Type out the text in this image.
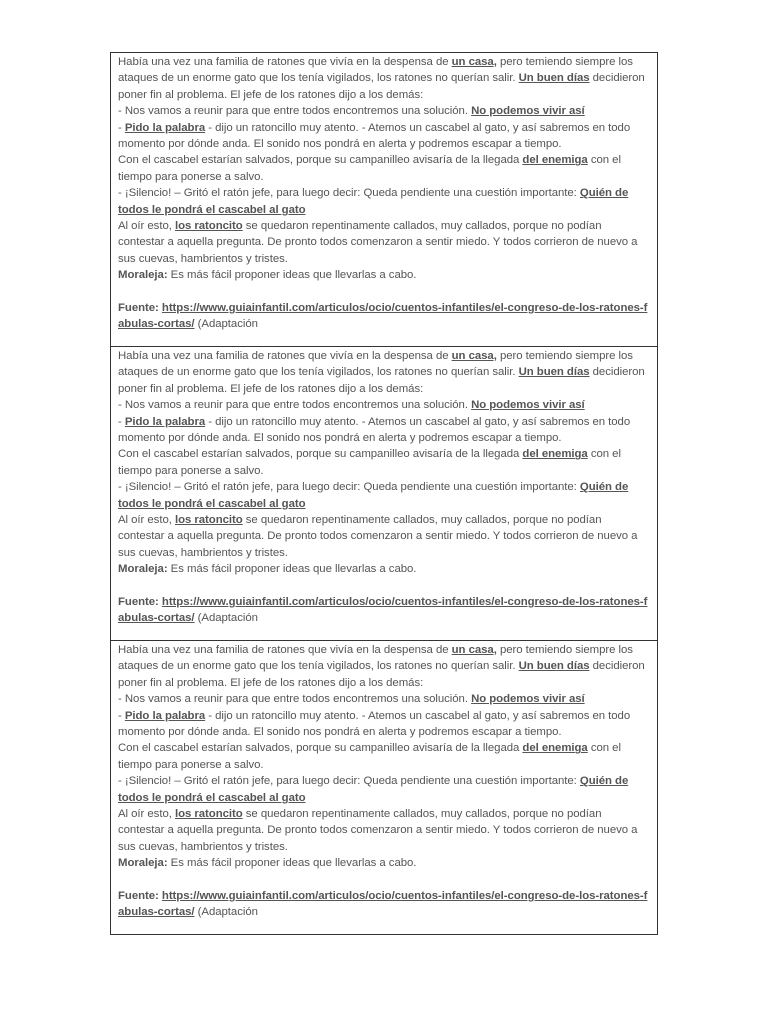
Había una vez una familia de ratones que vivía en la despensa de un casa, pero temiendo siempre los ataques de un enorme gato que los tenía vigilados, los ratones no querían salir. Un buen días decidieron poner fin al problema. El jefe de los ratones dijo a los demás:

- Nos vamos a reunir para que entre todos encontremos una solución. No podemos vivir así

- Pido la palabra - dijo un ratoncillo muy atento. - Atemos un cascabel al gato, y así sabremos en todo momento por dónde anda. El sonido nos pondrá en alerta y podremos escapar a tiempo.

Con el cascabel estarían salvados, porque su campanilleo avisaría de la llegada del enemiga con el tiempo para ponerse a salvo.

- ¡Silencio! – Gritó el ratón jefe, para luego decir: Queda pendiente una cuestión importante: Quién de todos le pondrá el cascabel al gato

Al oír esto, los ratoncito se quedaron repentinamente callados, muy callados, porque no podían contestar a aquella pregunta. De pronto todos comenzaron a sentir miedo. Y todos corrieron de nuevo a sus cuevas, hambrientos y tristes.

Moraleja: Es más fácil proponer ideas que llevarlas a cabo.

Fuente: https://www.guiainfantil.com/articulos/ocio/cuentos-infantiles/el-congreso-de-los-ratones-fabulas-cortas/ (Adaptación

Había una vez una familia de ratones que vivía en la despensa de un casa, pero temiendo siempre los ataques de un enorme gato que los tenía vigilados, los ratones no querían salir. Un buen días decidieron poner fin al problema. El jefe de los ratones dijo a los demás:

- Nos vamos a reunir para que entre todos encontremos una solución. No podemos vivir así

- Pido la palabra - dijo un ratoncillo muy atento. - Atemos un cascabel al gato, y así sabremos en todo momento por dónde anda. El sonido nos pondrá en alerta y podremos escapar a tiempo.

Con el cascabel estarían salvados, porque su campanilleo avisaría de la llegada del enemiga con el tiempo para ponerse a salvo.

- ¡Silencio! – Gritó el ratón jefe, para luego decir: Queda pendiente una cuestión importante: Quién de todos le pondrá el cascabel al gato

Al oír esto, los ratoncito se quedaron repentinamente callados, muy callados, porque no podían contestar a aquella pregunta. De pronto todos comenzaron a sentir miedo. Y todos corrieron de nuevo a sus cuevas, hambrientos y tristes.

Moraleja: Es más fácil proponer ideas que llevarlas a cabo.

Fuente: https://www.guiainfantil.com/articulos/ocio/cuentos-infantiles/el-congreso-de-los-ratones-fabulas-cortas/ (Adaptación

Había una vez una familia de ratones que vivía en la despensa de un casa, pero temiendo siempre los ataques de un enorme gato que los tenía vigilados, los ratones no querían salir. Un buen días decidieron poner fin al problema. El jefe de los ratones dijo a los demás:

- Nos vamos a reunir para que entre todos encontremos una solución. No podemos vivir así

- Pido la palabra - dijo un ratoncillo muy atento. - Atemos un cascabel al gato, y así sabremos en todo momento por dónde anda. El sonido nos pondrá en alerta y podremos escapar a tiempo.

Con el cascabel estarían salvados, porque su campanilleo avisaría de la llegada del enemiga con el tiempo para ponerse a salvo.

- ¡Silencio! – Gritó el ratón jefe, para luego decir: Queda pendiente una cuestión importante: Quién de todos le pondrá el cascabel al gato

Al oír esto, los ratoncito se quedaron repentinamente callados, muy callados, porque no podían contestar a aquella pregunta. De pronto todos comenzaron a sentir miedo. Y todos corrieron de nuevo a sus cuevas, hambrientos y tristes.

Moraleja: Es más fácil proponer ideas que llevarlas a cabo.

Fuente: https://www.guiainfantil.com/articulos/ocio/cuentos-infantiles/el-congreso-de-los-ratones-fabulas-cortas/ (Adaptación
